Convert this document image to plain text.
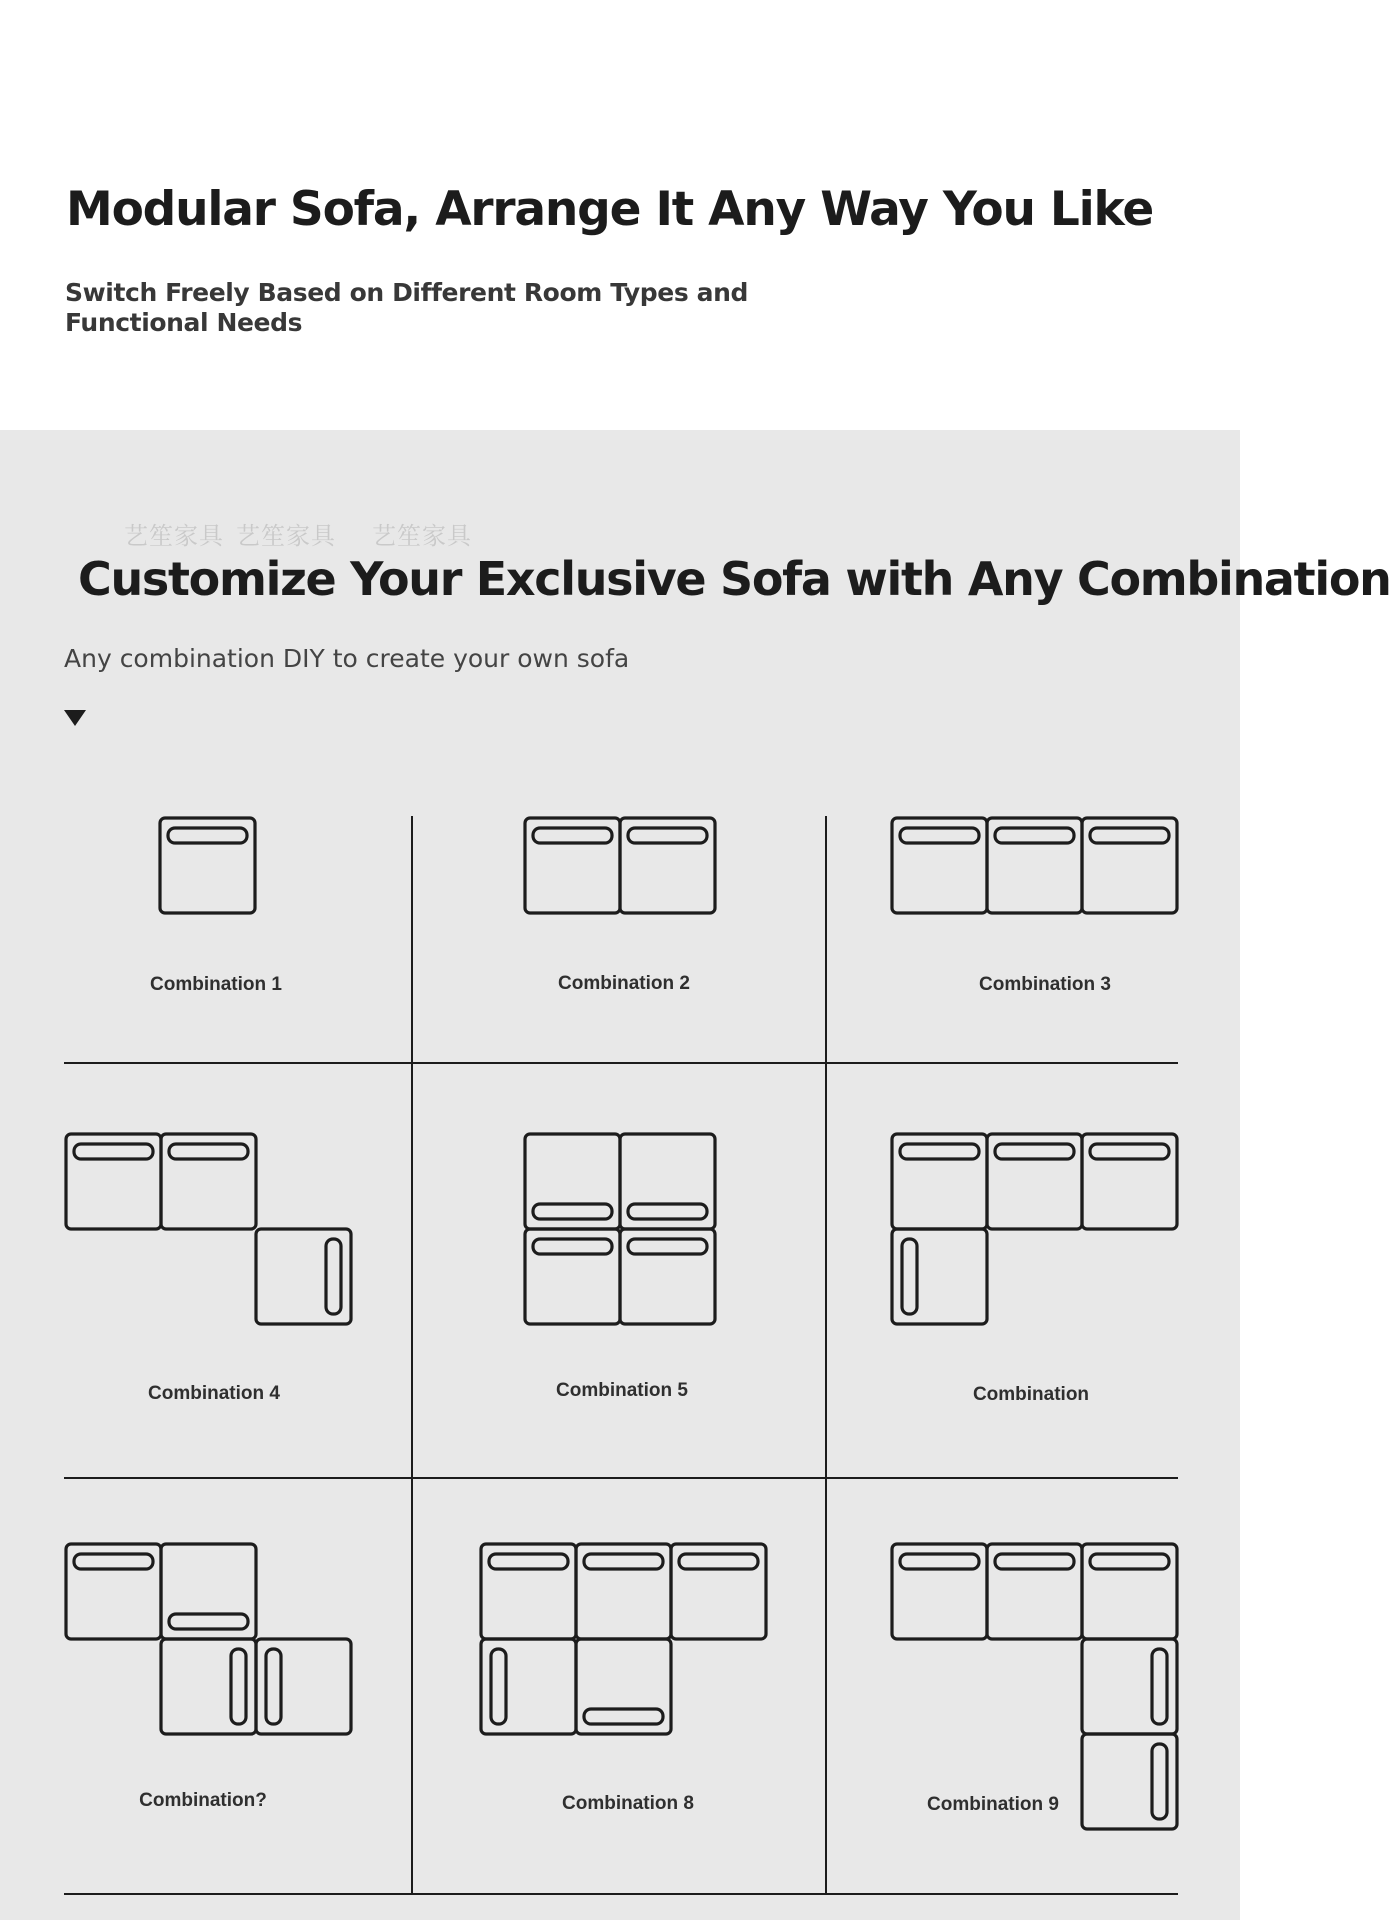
Modular Sofa, Arrange It Any Way You Like

Switch Freely Based on Different Room Types and Functional Needs

艺笙家具 艺笙家具 艺笙家具
Customize Your Exclusive Sofa with Any Combination

Any combination DIY to create your own sofa

Combination 1	Combination 2	Combination 3
Combination 4	Combination 5	Combination
Combination?	Combination 8	Combination 9
